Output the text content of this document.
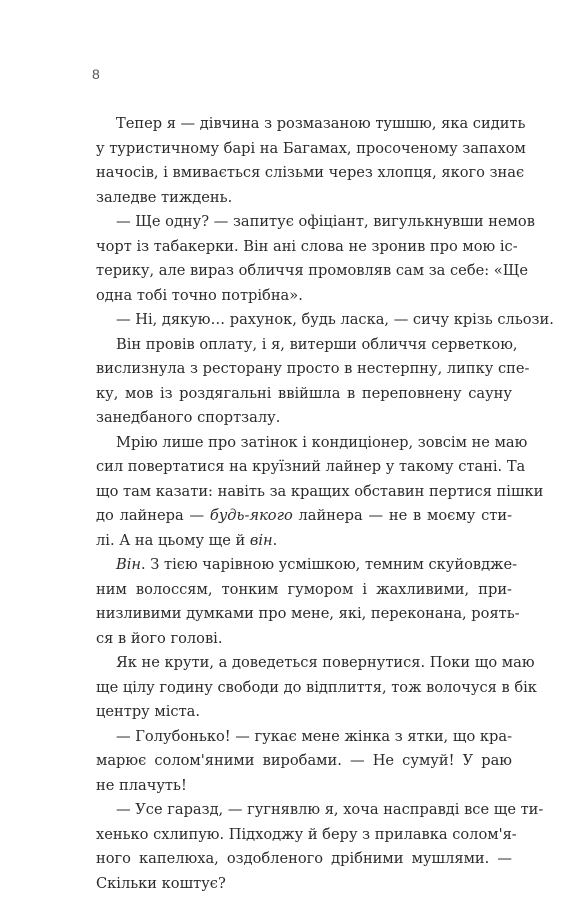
8
Тепер я — дівчина з розмазаною тушшю, яка сидить
у туристичному барі на Багамах, просоченому запахом
начосів, і вмивається слізьми через хлопця, якого знає
заледве тиждень.
— Ще одну? — запитує офіціант, вигулькнувши немов
чорт із табакерки. Він ані слова не зронив про мою іс-
терику, але вираз обличчя промовляв сам за себе: «Ще
одна тобі точно потрібна».
— Ні, дякую… рахунок, будь ласка, — сичу крізь сльози.
Він провів оплату, і я, витерши обличчя серветкою,
вислизнула з ресторану просто в нестерпну, липку спе-
ку, мов із роздягальні ввійшла в переповнену сауну
занедбаного спортзалу.
Мрію лише про затінок і кондиціонер, зовсім не маю
сил повертатися на круїзний лайнер у такому стані. Та
що там казати: навіть за кращих обставин пертися пішки
до лайнера — будь-якого лайнера — не в моєму сти-
лі. А на цьому ще й він.
Він. З тією чарівною усмішкою, темним скуйовдже-
ним волоссям, тонким гумором і жахливими, при-
низливими думками про мене, які, переконана, роять-
ся в його голові.
Як не крути, а доведеться повернутися. Поки що маю
ще цілу годину свободи до відплиття, тож волочуся в бік
центру міста.
— Голубонько! — гукає мене жінка з ятки, що кра-
марює солом'яними виробами. — Не сумуй! У раю
не плачуть!
— Усе гаразд, — гугнявлю я, хоча насправді все ще ти-
хенько схлипую. Підходжу й беру з прилавка солом'я-
ного капелюха, оздобленого дрібними мушлями. —
Скільки коштує?
